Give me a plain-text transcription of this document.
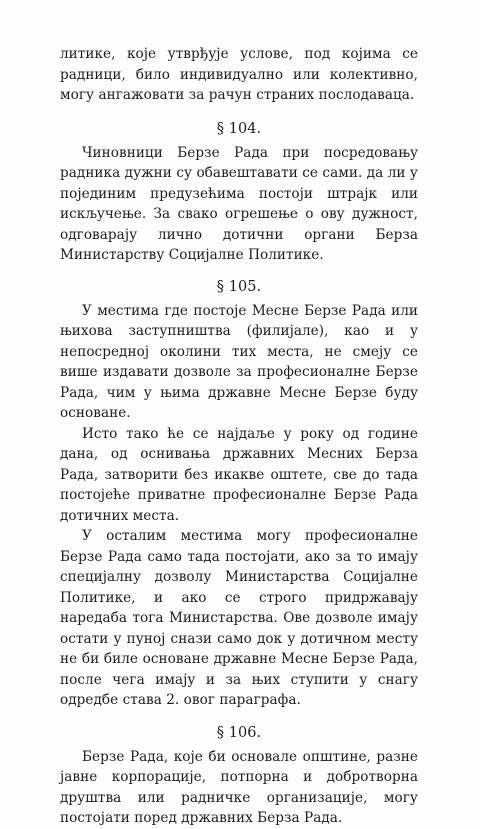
литике, које утврђује услове, под којима се радници, било индивидуално или колективно, могу ангажовати за рачун страних послодаваца.

§ 104.

Чиновници Берзе Рада при посредовању радника дужни су обавештавати се сами. да ли у појединим предузећима постоји штрајк или искључење. За свако огрешење о ову дужност, одговарају лично дотични органи Берза Министарству Социјалне Политике.

§ 105.

У местима где постоје Месне Берзе Рада или њихова заступништва (филијале), као и у непосредној околини тих места, не смеју се више издавати дозволе за професионалне Берзе Рада, чим у њима државне Месне Берзе буду основане.

Исто тако ће се најдаље у року од године дана, од оснивања државних Месних Берза Рада, затворити без икакве оштете, све до тада постојеће приватне професионалне Берзе Рада дотичних места.

У осталим местима могу професионалне Берзе Рада само тада постојати, ако за то имају специјалну дозволу Министарства Социјалне Политике, и ако се строго придржавају наредаба тога Министарства. Ове дозволе имају остати у пуној снази само док у дотичном месту не би биле основане државне Месне Берзе Рада, после чега имају и за њих ступити у снагу одредбе става 2. овог параграфа.

§ 106.

Берзе Рада, које би основале општине, разне јавне корпорације, потпорна и добротворна друштва или радничке организације, могу постојати поред државних Берза Рада.
